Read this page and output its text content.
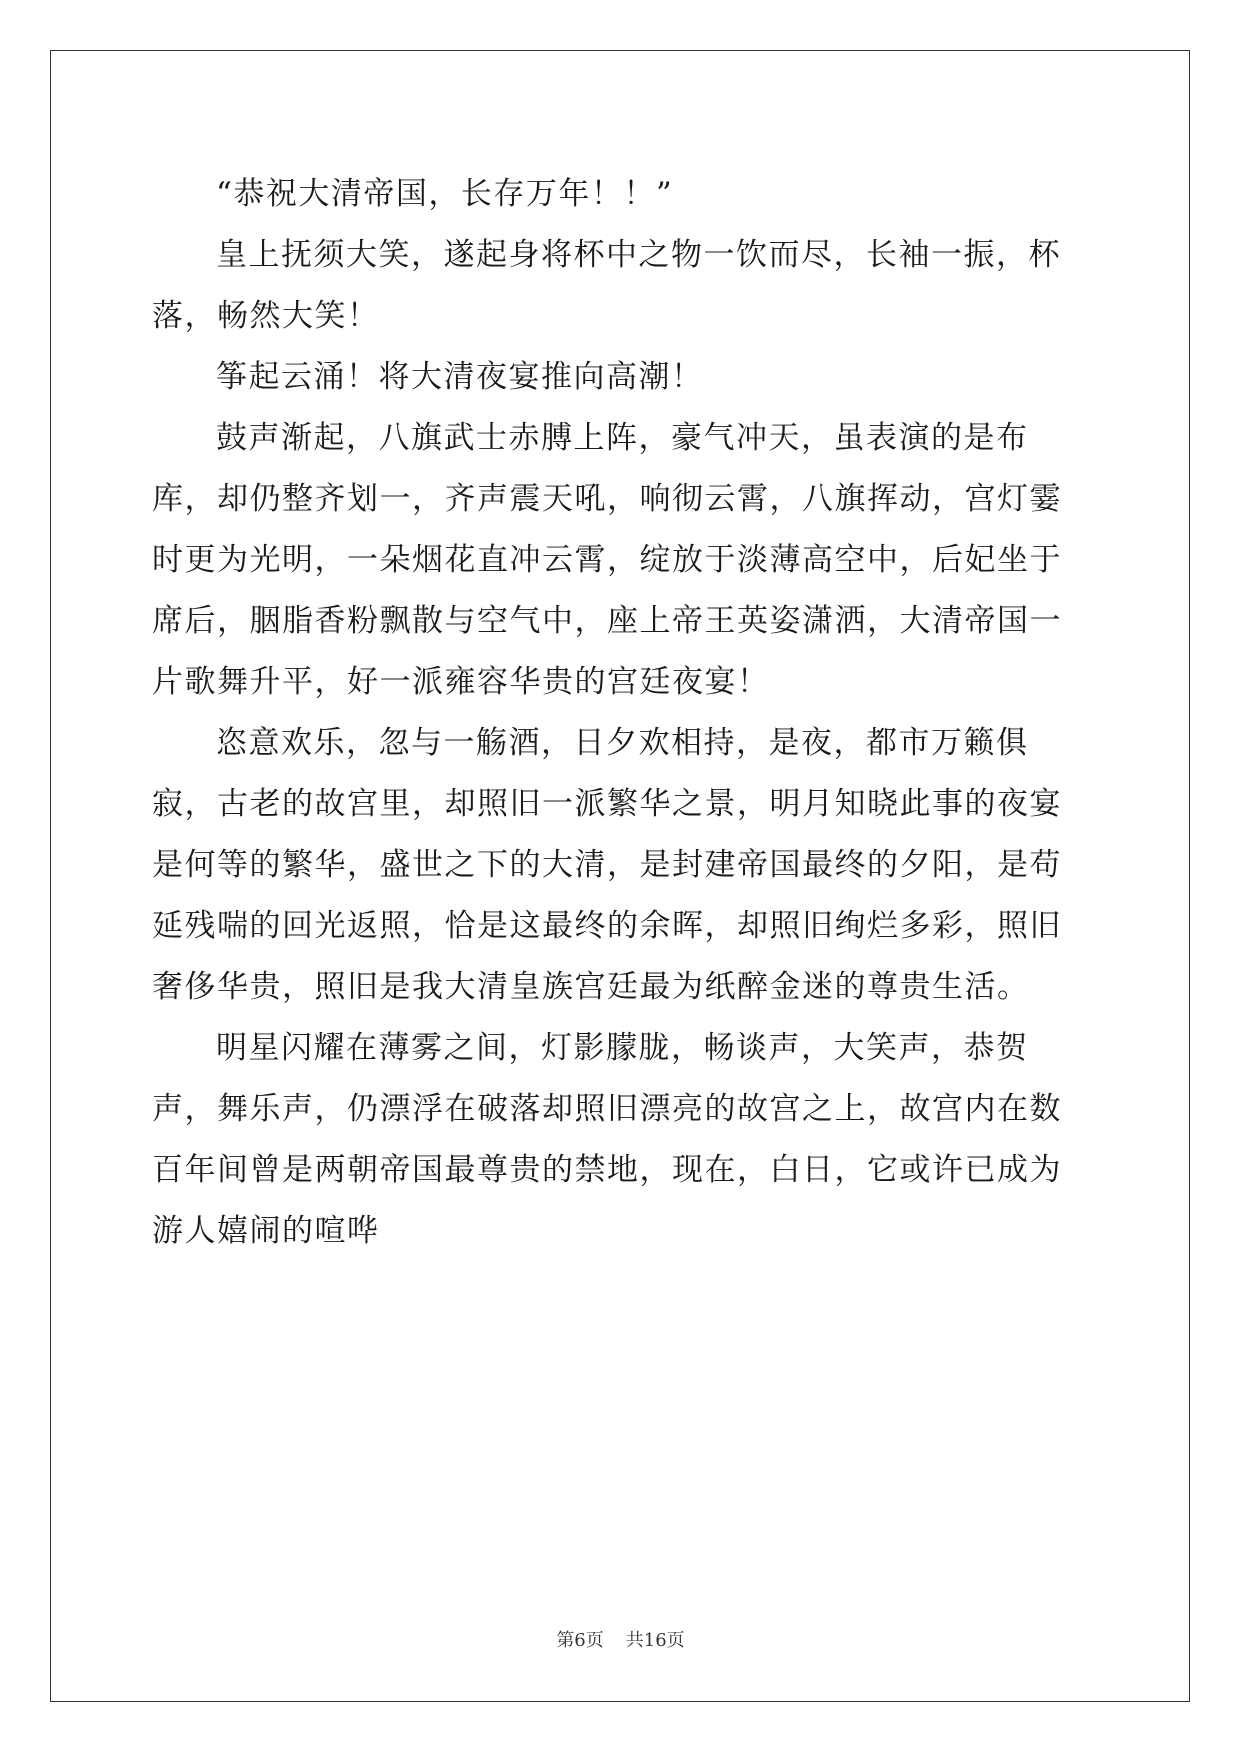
“恭祝大清帝国，长存万年！！”

皇上抚须大笑，遂起身将杯中之物一饮而尽，长袖一振，杯落，畅然大笑！

筝起云涌！将大清夜宴推向高潮！

鼓声渐起，八旗武士赤膊上阵，豪气冲天，虽表演的是布库，却仍整齐划一，齐声震天吼，响彻云霄，八旗挥动，宫灯霎时更为光明，一朵烟花直冲云霄，绽放于淡薄高空中，后妃坐于席后，胭脂香粉飘散与空气中，座上帝王英姿潇洒，大清帝国一片歌舞升平，好一派雍容华贵的宫廷夜宴！

恣意欢乐，忽与一觞酒，日夕欢相持，是夜，都市万籁俱寂，古老的故宫里，却照旧一派繁华之景，明月知晓此事的夜宴是何等的繁华，盛世之下的大清，是封建帝国最终的夕阳，是苟延残喘的回光返照，恰是这最终的余晖，却照旧绚烂多彩，照旧奢侈华贵，照旧是我大清皇族宫廷最为纸醉金迷的尊贵生活。

明星闪耀在薄雾之间，灯影朦胧，畅谈声，大笑声，恭贺声，舞乐声，仍漂浮在破落却照旧漂亮的故宫之上，故宫内在数百年间曾是两朝帝国最尊贵的禁地，现在，白日，它或许已成为游人嬉闹的喧哗

第6页 共16页
